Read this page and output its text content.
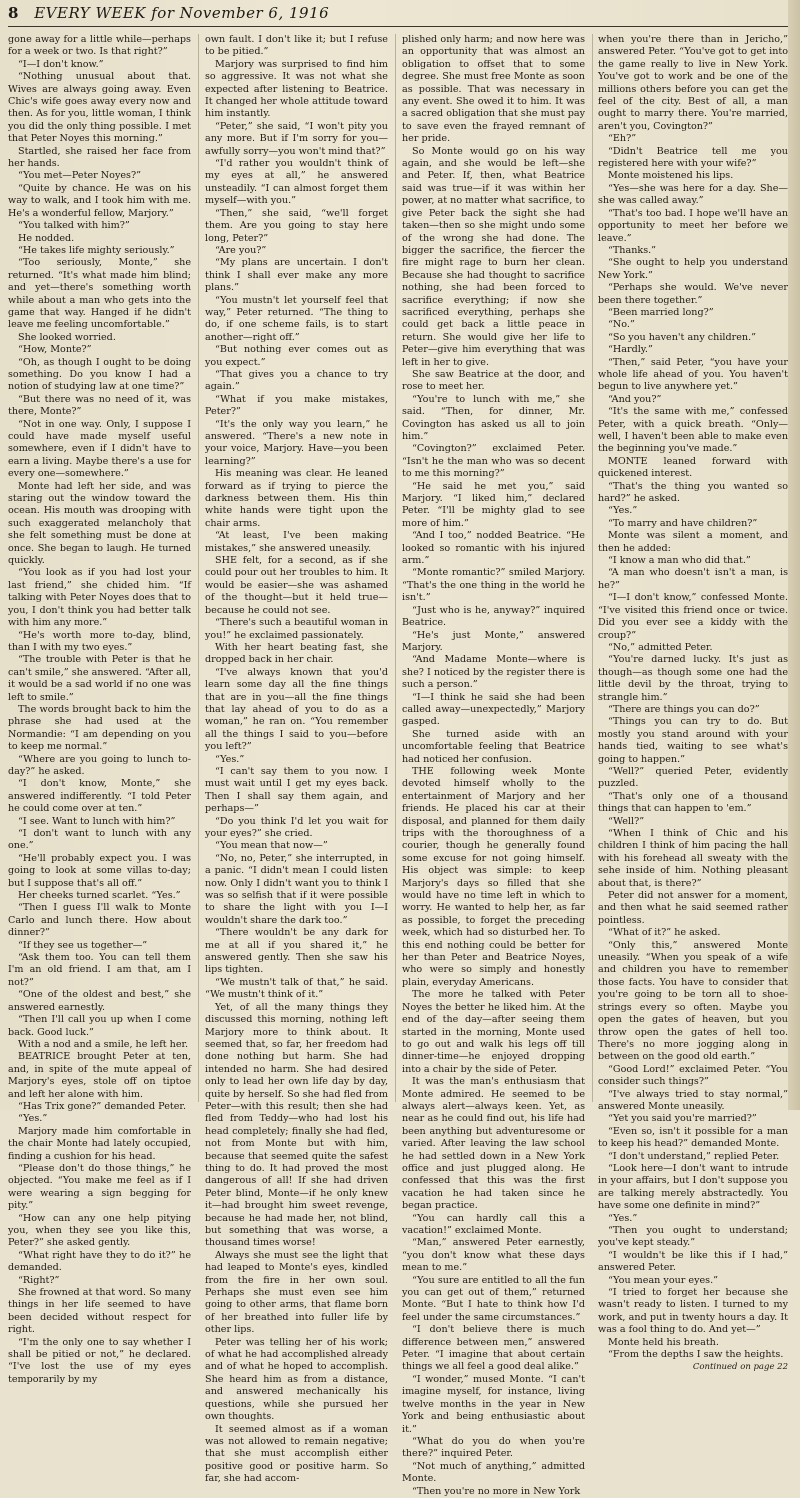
8 EVERY WEEK for November 6, 1916

gone away for a little while—perhaps for a week or two. Is that right?”

“I—I don't know.”

“Nothing unusual about that. Wives are always going away. Even Chic's wife goes away every now and then. As for you, little woman, I think you did the only thing possible. I met that Peter Noyes this morning.”

Startled, she raised her face from her hands.

“You met—Peter Noyes?”

“Quite by chance. He was on his way to walk, and I took him with me. He's a wonderful fellow, Marjory.”

“You talked with him?”

He nodded.

“He takes life mighty seriously.”

“Too seriously, Monte,” she returned. “It's what made him blind; and yet—there's something worth while about a man who gets into the game that way. Hanged if he didn't leave me feeling uncomfortable.”

She looked worried.

“How, Monte?”

“Oh, as though I ought to be doing something. Do you know I had a notion of studying law at one time?”

“But there was no need of it, was there, Monte?”

“Not in one way. Only, I suppose I could have made myself useful somewhere, even if I didn't have to earn a living. Maybe there's a use for every one—somewhere.”

Monte had left her side, and was staring out the window toward the ocean. His mouth was drooping with such exaggerated melancholy that she felt something must be done at once. She began to laugh. He turned quickly.

“You look as if you had lost your last friend,” she chided him. “If talking with Peter Noyes does that to you, I don't think you had better talk with him any more.”

“He's worth more to-day, blind, than I with my two eyes.”

“The trouble with Peter is that he can't smile,” she answered. “After all, it would be a sad world if no one was left to smile.”

The words brought back to him the phrase she had used at the Normandie: “I am depending on you to keep me normal.”

“Where are you going to lunch to-day?” he asked.

“I don't know, Monte,” she answered indifferently. “I told Peter he could come over at ten.”

“I see. Want to lunch with him?”

“I don't want to lunch with any one.”

“He'll probably expect you. I was going to look at some villas to-day; but I suppose that's all off.”

Her cheeks turned scarlet. “Yes.”

“Then I guess I'll walk to Monte Carlo and lunch there. How about dinner?”

“If they see us together—”

“Ask them too. You can tell them I'm an old friend. I am that, am I not?”

“One of the oldest and best,” she answered earnestly.

“Then I'll call you up when I come back. Good luck.”

With a nod and a smile, he left her.

BEATRICE brought Peter at ten, and, in spite of the mute appeal of Marjory's eyes, stole off on tiptoe and left her alone with him.

“Has Trix gone?” demanded Peter.

“Yes.”

Marjory made him comfortable in the chair Monte had lately occupied, finding a cushion for his head.

“Please don't do those things,” he objected. “You make me feel as if I were wearing a sign begging for pity.”

“How can any one help pitying you, when they see you like this, Peter?” she asked gently.

“What right have they to do it?” he demanded.

“Right?”

She frowned at that word. So many things in her life seemed to have been decided without respect for right.

“I'm the only one to say whether I shall be pitied or not,” he declared. “I've lost the use of my eyes temporarily by my

own fault. I don't like it; but I refuse to be pitied.”

Marjory was surprised to find him so aggressive. It was not what she expected after listening to Beatrice. It changed her whole attitude toward him instantly.

“Peter,” she said, “I won't pity you any more. But if I'm sorry for you—awfully sorry—you won't mind that?”

“I'd rather you wouldn't think of my eyes at all,” he answered unsteadily. “I can almost forget them myself—with you.”

“Then,” she said, “we'll forget them. Are you going to stay here long, Peter?”

“Are you?”

“My plans are uncertain. I don't think I shall ever make any more plans.”

“You mustn't let yourself feel that way,” Peter returned. “The thing to do, if one scheme fails, is to start another—right off.”

“But nothing ever comes out as you expect.”

“That gives you a chance to try again.”

“What if you make mistakes, Peter?”

“It's the only way you learn,” he answered. “There's a new note in your voice, Marjory. Have—you been learning?”

His meaning was clear. He leaned forward as if trying to pierce the darkness between them. His thin white hands were tight upon the chair arms.

“At least, I've been making mistakes,” she answered uneasily.

SHE felt, for a second, as if she could pour out her troubles to him. It would be easier—she was ashamed of the thought—but it held true—because he could not see.

“There's such a beautiful woman in you!” he exclaimed passionately.

With her heart beating fast, she dropped back in her chair.

“I've always known that you'd learn some day all the fine things that are in you—all the fine things that lay ahead of you to do as a woman,” he ran on. “You remember all the things I said to you—before you left?”

“Yes.”

“I can't say them to you now. I must wait until I get my eyes back. Then I shall say them again, and perhaps—”

“Do you think I'd let you wait for your eyes?” she cried.

“You mean that now—”

“No, no, Peter,” she interrupted, in a panic. “I didn't mean I could listen now. Only I didn't want you to think I was so selfish that if it were possible to share the light with you I—I wouldn't share the dark too.”

“There wouldn't be any dark for me at all if you shared it,” he answered gently. Then she saw his lips tighten.

“We mustn't talk of that,” he said. “We mustn't think of it.”

Yet, of all the many things they discussed this morning, nothing left Marjory more to think about. It seemed that, so far, her freedom had done nothing but harm. She had intended no harm. She had desired only to lead her own life day by day, quite by herself. So she had fled from Peter—with this result; then she had fled from Teddy—who had lost his head completely; finally she had fled, not from Monte but with him, because that seemed quite the safest thing to do. It had proved the most dangerous of all! If she had driven Peter blind, Monte—if he only knew it—had brought him sweet revenge, because he had made her, not blind, but something that was worse, a thousand times worse!

Always she must see the light that had leaped to Monte's eyes, kindled from the fire in her own soul. Perhaps she must even see him going to other arms, that flame born of her breathed into fuller life by other lips.

Peter was telling her of his work; of what he had accomplished already and of what he hoped to accomplish. She heard him as from a distance, and answered mechanically his questions, while she pursued her own thoughts.

It seemed almost as if a woman was not allowed to remain negative; that she must accomplish either positive good or positive harm. So far, she had accom-

plished only harm; and now here was an opportunity that was almost an obligation to offset that to some degree. She must free Monte as soon as possible. That was necessary in any event. She owed it to him. It was a sacred obligation that she must pay to save even the frayed remnant of her pride.

So Monte would go on his way again, and she would be left—she and Peter. If, then, what Beatrice said was true—if it was within her power, at no matter what sacrifice, to give Peter back the sight she had taken—then so she might undo some of the wrong she had done. The bigger the sacrifice, the fiercer the fire might rage to burn her clean. Because she had thought to sacrifice nothing, she had been forced to sacrifice everything; if now she sacrificed everything, perhaps she could get back a little peace in return. She would give her life to Peter—give him everything that was left in her to give.

She saw Beatrice at the door, and rose to meet her.

“You're to lunch with me,” she said. “Then, for dinner, Mr. Covington has asked us all to join him.”

“Covington?” exclaimed Peter. “Isn't he the man who was so decent to me this morning?”

“He said he met you,” said Marjory. “I liked him,” declared Peter. “I'll be mighty glad to see more of him.”

“And I too,” nodded Beatrice. “He looked so romantic with his injured arm.”

“Monte romantic?” smiled Marjory. “That's the one thing in the world he isn't.”

“Just who is he, anyway?” inquired Beatrice.

“He's just Monte,” answered Marjory.

“And Madame Monte—where is she? I noticed by the register there is such a person.”

“I—I think he said she had been called away—unexpectedly,” Marjory gasped.

She turned aside with an uncomfortable feeling that Beatrice had noticed her confusion.

THE following week Monte devoted himself wholly to the entertainment of Marjory and her friends. He placed his car at their disposal, and planned for them daily trips with the thoroughness of a courier, though he generally found some excuse for not going himself. His object was simple: to keep Marjory's days so filled that she would have no time left in which to worry. He wanted to help her, as far as possible, to forget the preceding week, which had so disturbed her. To this end nothing could be better for her than Peter and Beatrice Noyes, who were so simply and honestly plain, everyday Americans.

The more he talked with Peter Noyes the better he liked him. At the end of the day—after seeing them started in the morning, Monte used to go out and walk his legs off till dinner-time—he enjoyed dropping into a chair by the side of Peter.

It was the man's enthusiasm that Monte admired. He seemed to be always alert—always keen. Yet, as near as he could find out, his life had been anything but adventuresome or varied. After leaving the law school he had settled down in a New York office and just plugged along. He confessed that this was the first vacation he had taken since he began practice.

“You can hardly call this a vacation!” exclaimed Monte.

“Man,” answered Peter earnestly, “you don't know what these days mean to me.”

“You sure are entitled to all the fun you can get out of them,” returned Monte. “But I hate to think how I'd feel under the same circumstances.”

“I don't believe there is much difference between men,” answered Peter. “I imagine that about certain things we all feel a good deal alike.”

“I wonder,” mused Monte. “I can't imagine myself, for instance, living twelve months in the year in New York and being enthusiastic about it.”

“What do you do when you're there?” inquired Peter.

“Not much of anything,” admitted Monte.

“Then you're no more in New York

when you're there than in Jericho,” answered Peter. “You've got to get into the game really to live in New York. You've got to work and be one of the millions others before you can get the feel of the city. Best of all, a man ought to marry there. You're married, aren't you, Covington?”

“Eh?”

“Didn't Beatrice tell me you registered here with your wife?”

Monte moistened his lips.

“Yes—she was here for a day. She—she was called away.”

“That's too bad. I hope we'll have an opportunity to meet her before we leave.”

“Thanks.”

“She ought to help you understand New York.”

“Perhaps she would. We've never been there together.”

“Been married long?”

“No.”

“So you haven't any children.”

“Hardly.”

“Then,” said Peter, “you have your whole life ahead of you. You haven't begun to live anywhere yet.”

“And you?”

“It's the same with me,” confessed Peter, with a quick breath. “Only—well, I haven't been able to make even the beginning you've made.”

MONTE leaned forward with quickened interest.

“That's the thing you wanted so hard?” he asked.

“Yes.”

“To marry and have children?”

Monte was silent a moment, and then he added:

“I know a man who did that.”

“A man who doesn't isn't a man, is he?”

“I—I don't know,” confessed Monte. “I've visited this friend once or twice. Did you ever see a kiddy with the croup?”

“No,” admitted Peter.

“You're darned lucky. It's just as though—as though some one had the little devil by the throat, trying to strangle him.”

“There are things you can do?”

“Things you can try to do. But mostly you stand around with your hands tied, waiting to see what's going to happen.”

“Well?” queried Peter, evidently puzzled.

“That's only one of a thousand things that can happen to 'em.”

“Well?”

“When I think of Chic and his children I think of him pacing the hall with his forehead all sweaty with the sehe inside of him. Nothing pleasant about that, is there?”

Peter did not answer for a moment, and then what he said seemed rather pointless.

“What of it?” he asked.

“Only this,” answered Monte uneasily. “When you speak of a wife and children you have to remember those facts. You have to consider that you're going to be torn all to shoe-strings every so often. Maybe you open the gates of heaven, but you throw open the gates of hell too. There's no more jogging along in between on the good old earth.”

“Good Lord!” exclaimed Peter. “You consider such things?”

“I've always tried to stay normal,” answered Monte uneasily.

“Yet you said you're married?”

“Even so, isn't it possible for a man to keep his head?” demanded Monte.

“I don't understand,” replied Peter.

“Look here—I don't want to intrude in your affairs, but I don't suppose you are talking merely abstractedly. You have some one definite in mind?”

“Yes.”

“Then you ought to understand; you've kept steady.”

“I wouldn't be like this if I had,” answered Peter.

“You mean your eyes.”

“I tried to forget her because she wasn't ready to listen. I turned to my work, and put in twenty hours a day. It was a fool thing to do. And yet—”

Monte held his breath.

“From the depths I saw the heights.

Continued on page 22
